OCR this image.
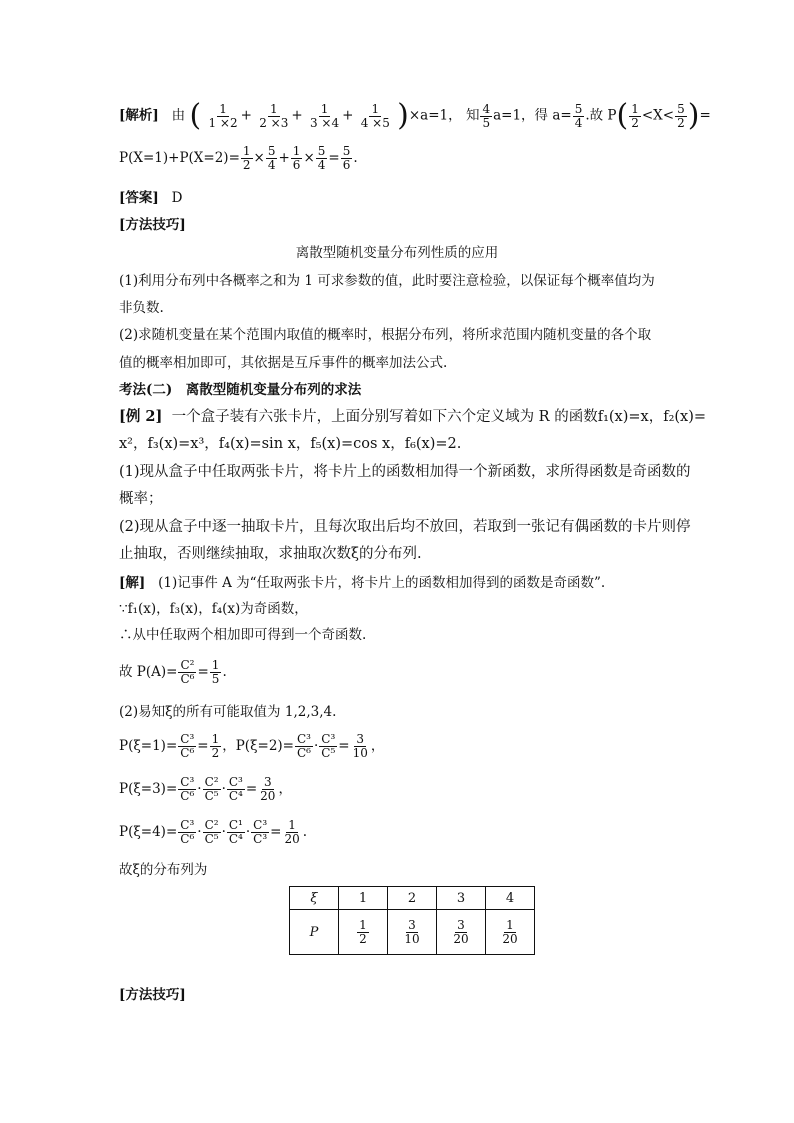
[解析] 由 ( $\frac{1}{1 \times 2} + \frac{1}{2 \times 3} + \frac{1}{3 \times 4} + \frac{1}{4 \times 5} )\times a=1$， 知 $\frac{4}{5} a=1$，得 $a= \frac{5}{4}$ .故 $P( \frac{1}{2} <X< \frac{5}{2}$ )=
$P(X=1)+P(X=2)= \frac{1}{2} \times \frac{5}{4} + \frac{1}{6} \times \frac{5}{4} = \frac{5}{6}$ .
[答案] D
[方法技巧]
离散型随机变量分布列性质的应用
(1)利用分布列中各概率之和为 1 可求参数的值，此时要注意检验，以保证每个概率值均为
非负数.
(2)求随机变量在某个范围内取值的概率时，根据分布列，将所求范围内随机变量的各个取
值的概率相加即可，其依据是互斥事件的概率加法公式.
考法(二)　离散型随机变量分布列的求法
[例 2] 一个盒子装有六张卡片，上面分别写着如下六个定义域为 R 的函数f₁(x)=x，f₂(x)=
x²，f₃(x)=x³，f₄(x)=sin x，f₅(x)=cos x，f₆(x)=2.
(1)现从盒子中任取两张卡片，将卡片上的函数相加得一个新函数，求所得函数是奇函数的
概率；
(2)现从盒子中逐一抽取卡片，且每次取出后均不放回，若取到一张记有偶函数的卡片则停
止抽取，否则继续抽取，求抽取次数ξ的分布列.
[解] (1)记事件 A 为“任取两张卡片，将卡片上的函数相加得到的函数是奇函数”.
∵f₁(x)，f₃(x)，f₄(x)为奇函数，
∴从中任取两个相加即可得到一个奇函数.
故 $P(A)= \frac{\text{C²}}{\text{C⁶}} = \frac{1}{5}$ .
(2)易知ξ的所有可能取值为 1,2,3,4.
$P(\xi=1)= \frac{\text{C³}}{\text{C⁶}} = \frac{1}{2}$ ，$P(\xi=2)= \frac{\text{C³}}{\text{C⁶}} \cdot \frac{\text{C³}}{\text{C⁵}} = \frac{3}{10}$ ，
$P(\xi=3)= \frac{\text{C³}}{\text{C⁶}} \cdot \frac{\text{C²}}{\text{C⁵}} \cdot \frac{\text{C³}}{\text{C⁴}} = \frac{3}{20}$ ，
$P(\xi=4)= \frac{\text{C³}}{\text{C⁶}} \cdot \frac{\text{C²}}{\text{C⁵}} \cdot \frac{\text{C¹}}{\text{C⁴}} \cdot \frac{\text{C³}}{\text{C³}} = \frac{1}{20}$ .
故ξ的分布列为
ξ	1	2	3	4
P	$\frac{1}{2}$	$\frac{3}{10}$	$\frac{3}{20}$	$\frac{1}{20}$
[方法技巧]
